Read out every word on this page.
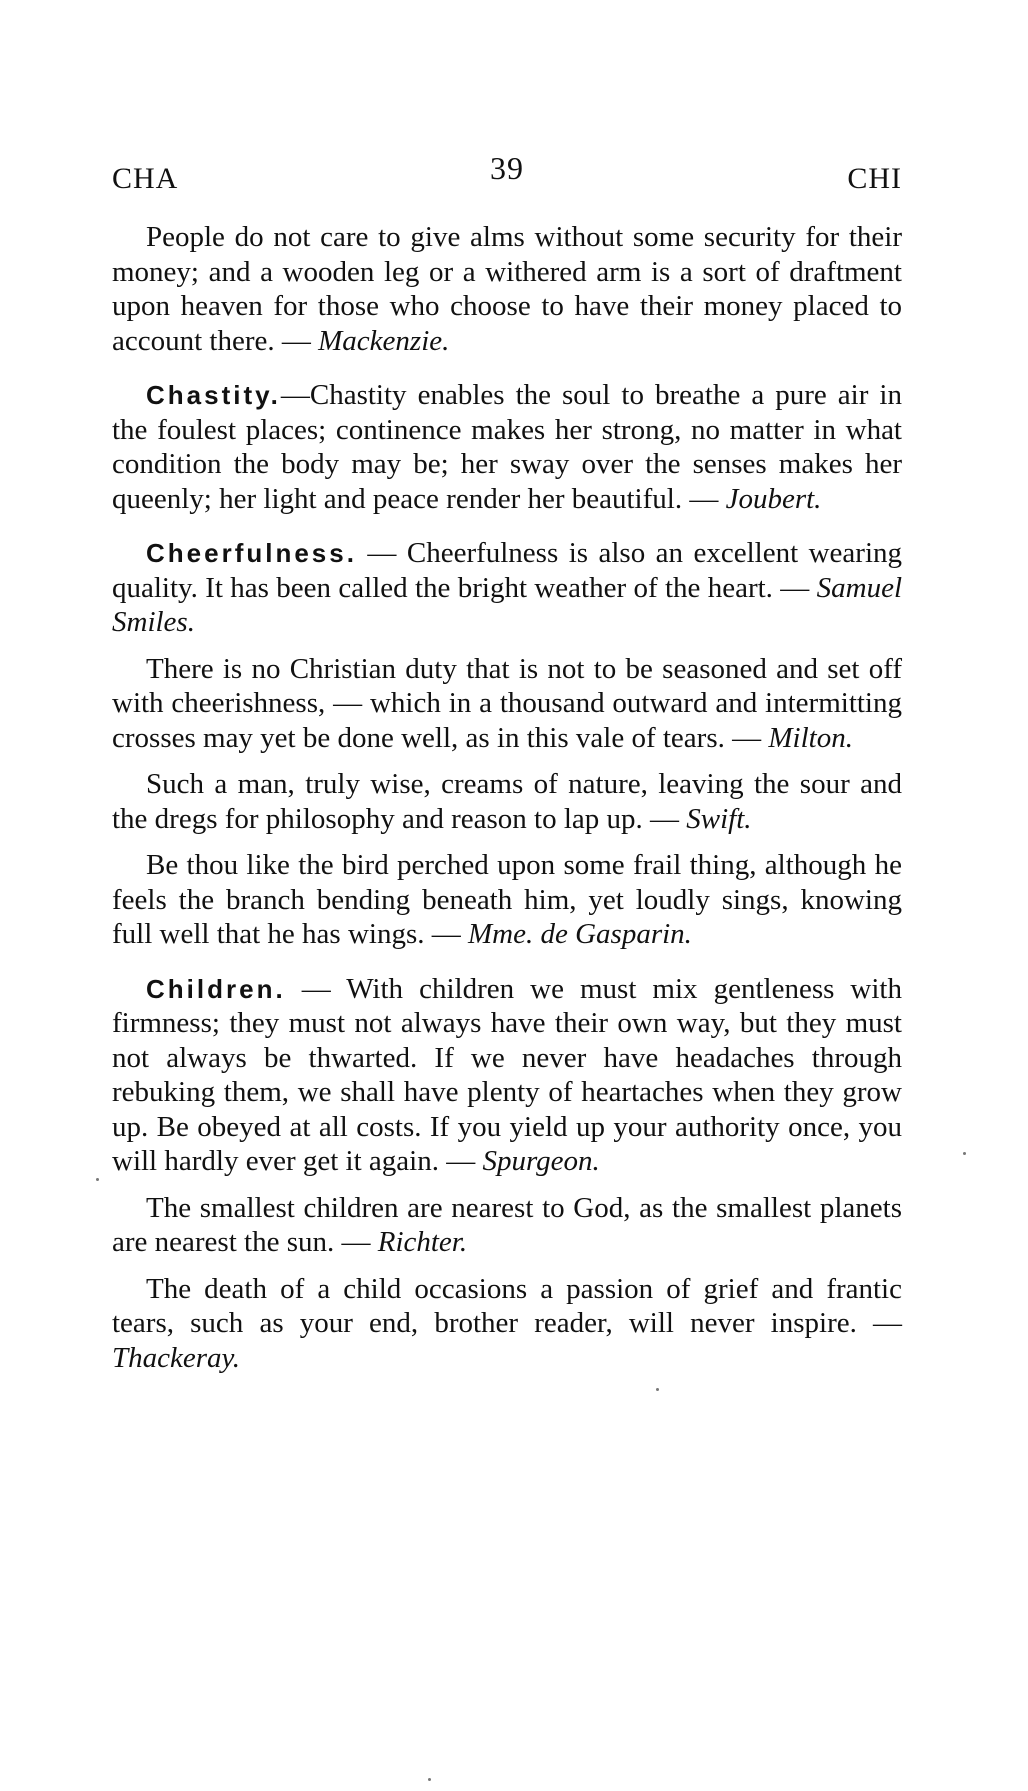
CHA	39	CHI

People do not care to give alms without some security for their money; and a wooden leg or a withered arm is a sort of draftment upon heaven for those who choose to have their money placed to account there. — Mackenzie.

Chastity.—Chastity enables the soul to breathe a pure air in the foulest places; continence makes her strong, no matter in what condition the body may be; her sway over the senses makes her queenly; her light and peace render her beautiful. — Joubert.

Cheerfulness. — Cheerfulness is also an excellent wearing quality. It has been called the bright weather of the heart. — Samuel Smiles.

There is no Christian duty that is not to be seasoned and set off with cheerishness, — which in a thousand outward and intermitting crosses may yet be done well, as in this vale of tears. — Milton.

Such a man, truly wise, creams of nature, leaving the sour and the dregs for philosophy and reason to lap up. — Swift.

Be thou like the bird perched upon some frail thing, although he feels the branch bending beneath him, yet loudly sings, knowing full well that he has wings. — Mme. de Gasparin.

Children. — With children we must mix gentleness with firmness; they must not always have their own way, but they must not always be thwarted. If we never have headaches through rebuking them, we shall have plenty of heartaches when they grow up. Be obeyed at all costs. If you yield up your authority once, you will hardly ever get it again. — Spurgeon.

The smallest children are nearest to God, as the smallest planets are nearest the sun. — Richter.

The death of a child occasions a passion of grief and frantic tears, such as your end, brother reader, will never inspire. — Thackeray.
